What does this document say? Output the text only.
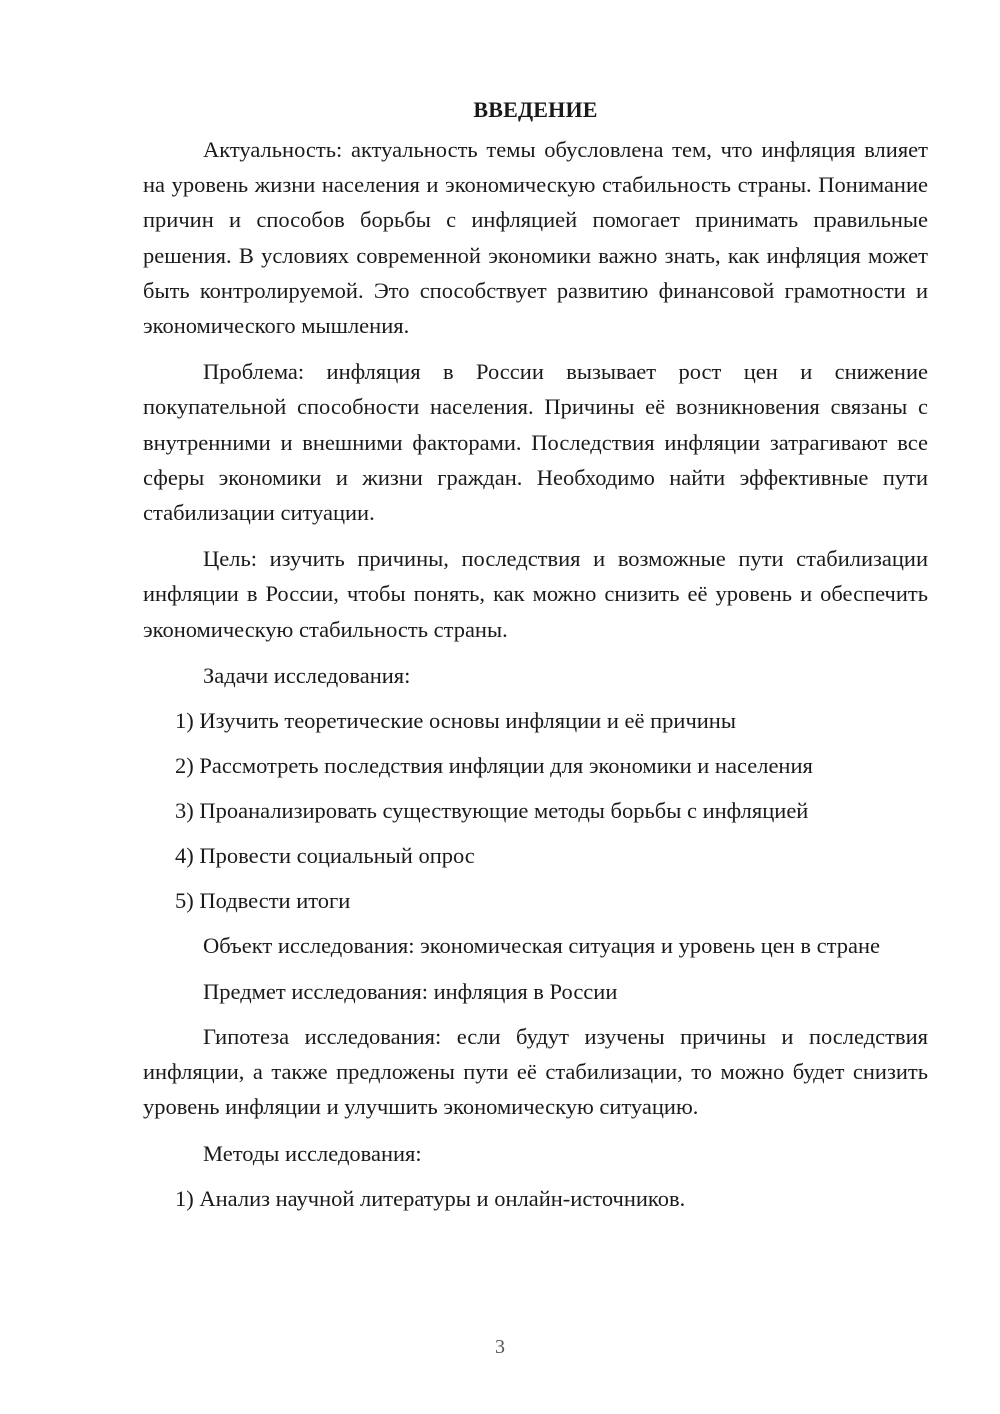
ВВЕДЕНИЕ

Актуальность: актуальность темы обусловлена тем, что инфляция влияет на уровень жизни населения и экономическую стабильность страны. Понимание причин и способов борьбы с инфляцией помогает принимать правильные решения. В условиях современной экономики важно знать, как инфляция может быть контролируемой. Это способствует развитию финансовой грамотности и экономического мышления.

Проблема: инфляция в России вызывает рост цен и снижение покупательной способности населения. Причины её возникновения связаны с внутренними и внешними факторами. Последствия инфляции затрагивают все сферы экономики и жизни граждан. Необходимо найти эффективные пути стабилизации ситуации.

Цель: изучить причины, последствия и возможные пути стабилизации инфляции в России, чтобы понять, как можно снизить её уровень и обеспечить экономическую стабильность страны.

Задачи исследования:

1) Изучить теоретические основы инфляции и её причины

2) Рассмотреть последствия инфляции для экономики и населения

3) Проанализировать существующие методы борьбы с инфляцией

4) Провести социальный опрос

5) Подвести итоги

Объект исследования: экономическая ситуация и уровень цен в стране

Предмет исследования: инфляция в России

Гипотеза исследования: если будут изучены причины и последствия инфляции, а также предложены пути её стабилизации, то можно будет снизить уровень инфляции и улучшить экономическую ситуацию.

Методы исследования:

1) Анализ научной литературы и онлайн-источников.

3
